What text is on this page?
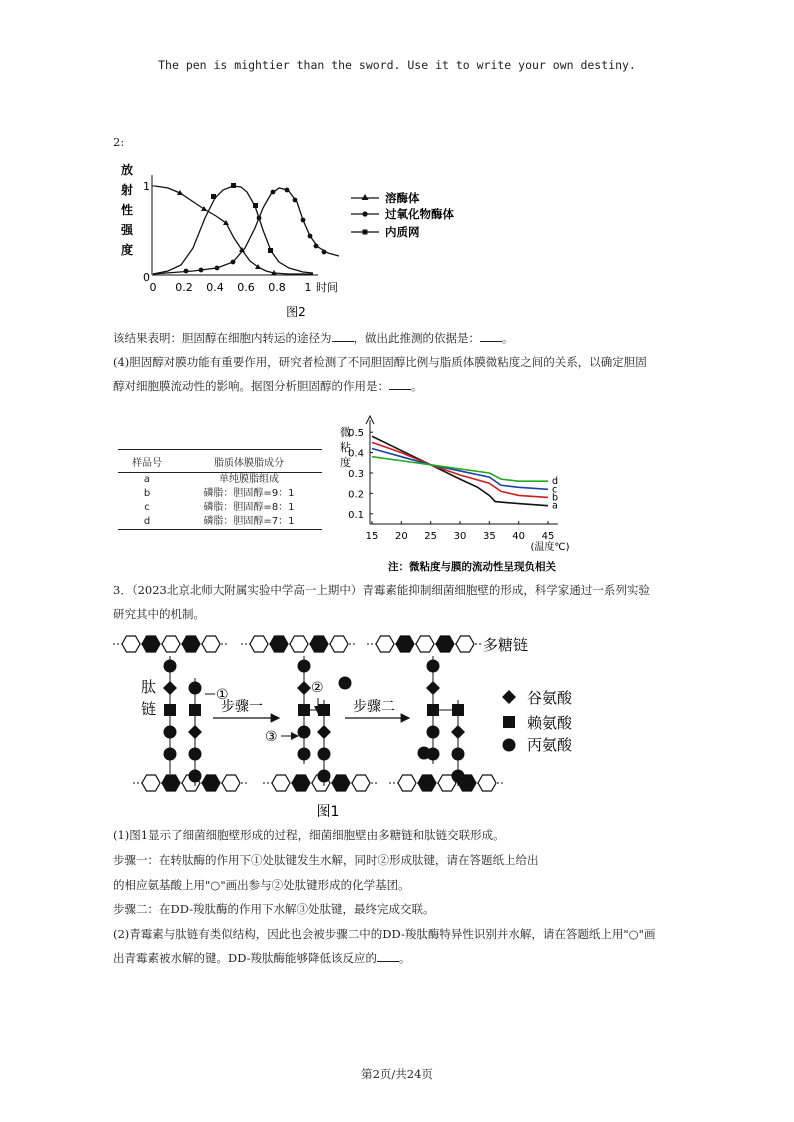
The pen is mightier than the sword. Use it to write your own destiny.
2:
放
射
性
强
度
1
0
0 0.2 0.4 0.6 0.8 1 时间
溶酶体
过氧化物酶体
内质网
图2
该结果表明：胆固醇在细胞内转运的途径为 ，做出此推测的依据是： 。
(4)胆固醇对膜功能有重要作用，研究者检测了不同胆固醇比例与脂质体膜微粘度之间的关系，以确定胆固
醇对细胞膜流动性的影响。据图分析胆固醇的作用是： 。
样品号	脂质体膜脂成分
a	单纯膜脂组成
b	磷脂：胆固醇=9：1
c	磷脂：胆固醇=8：1
d	磷脂：胆固醇=7：1
微
粘
度
0.1
0.2
0.3
0.4
0.5
15 20 25 30 35 40 45
a
b
c
d
(温度℃)
注：微粘度与膜的流动性呈现负相关
3．（2023北京北师大附属实验中学高一上期中）青霉素能抑制细菌细胞壁的形成，科学家通过一系列实验
研究其中的机制。
多糖链
肽
链
①
步骤一
②
③
步骤二	谷氨酸
赖氨酸
丙氨酸
图1
(1)图1显示了细菌细胞壁形成的过程，细菌细胞壁由多糖链和肽链交联形成。
步骤一：在转肽酶的作用下①处肽键发生水解，同时②形成肽键，请在答题纸上给出
的相应氨基酸上用"○"画出参与②处肽键形成的化学基团。
步骤二：在DD-羧肽酶的作用下水解③处肽键，最终完成交联。
(2)青霉素与肽链有类似结构，因此也会被步骤二中的DD-羧肽酶特异性识别并水解，请在答题纸上用"○"画
出青霉素被水解的键。DD-羧肽酶能够降低该反应的 。
第2页/共24页
